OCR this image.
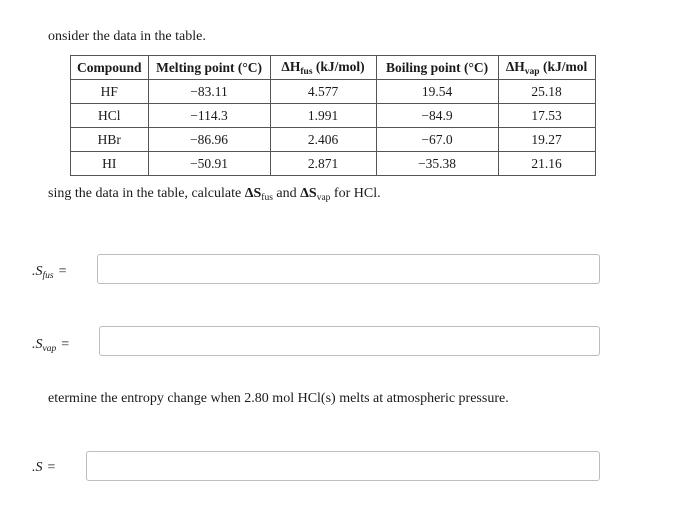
onsider the data in the table.
Compound	Melting point (°C)	$\Delta H_{fus}$ (kJ/mol)	Boiling point (°C)	$\Delta H_{vap}$ (kJ/mol
HF	−83.11	4.577	19.54	25.18
HCl	−114.3	1.991	−84.9	17.53
HBr	−86.96	2.406	−67.0	19.27
HI	−50.91	2.871	−35.38	21.16
sing the data in the table, calculate $\Delta S_{fus}$ and $\Delta S_{vap}$ for HCl.
$.S_{fus}$ =
$.S_{vap}$ =
etermine the entropy change when 2.80 mol HCl(s) melts at atmospheric pressure.
.S =
